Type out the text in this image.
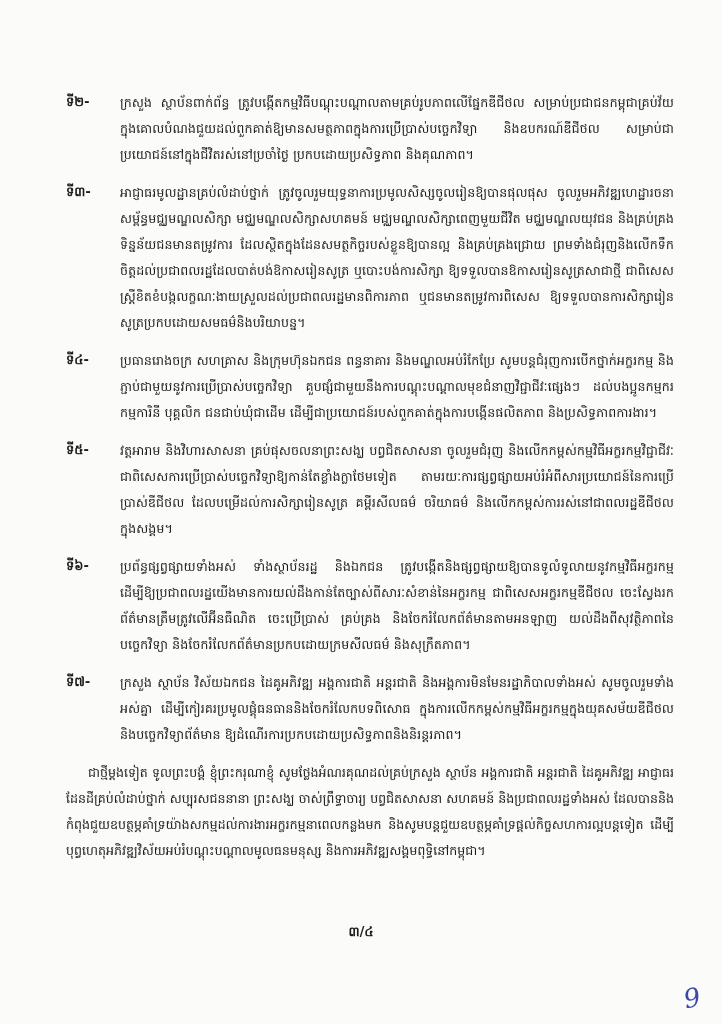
ទី២-	ក្រសួង ស្ថាប័នពាក់ព័ន្ធ ត្រូវបង្កើតកម្មវិធីបណ្តុះបណ្តាលតាមគ្រប់រូបភាពលើផ្នែកឌីជីថល សម្រាប់ប្រជាជនកម្ពុជាគ្រប់វ័យ ក្នុងគោលបំណងជួយដល់ពួកគាត់ឱ្យមានសមត្ថភាពក្នុងការប្រើប្រាស់បច្ចេកវិទ្យា និងឧបករណ៍ឌីជីថល សម្រាប់ជាប្រយោជន៍នៅក្នុងជីវិតរស់នៅប្រចាំថ្ងៃ ប្រកបដោយប្រសិទ្ធភាព និងគុណភាព។
ទី៣-	អាជ្ញាធរមូលដ្ឋានគ្រប់លំដាប់ថ្នាក់ ត្រូវចូលរួមយុទ្ធនាការប្រមូលសិស្សចូលរៀនឱ្យបានផុលផុស ចូលរួមអភិវឌ្ឍហេដ្ឋារចនាសម្ព័ន្ធមជ្ឈមណ្ឌលសិក្សា មជ្ឈមណ្ឌលសិក្សាសហគមន៍ មជ្ឈមណ្ឌលសិក្សាពេញមួយជីវិត មជ្ឈមណ្ឌលយុវជន និងគ្រប់គ្រងទិន្នន័យជនមានតម្រូវការ ដែលស្ថិតក្នុងដែនសមត្ថកិច្ចរបស់ខ្លួនឱ្យបានល្អ និងគ្រប់គ្រងជ្រោយ ព្រមទាំងជំរុញនិងលើកទឹកចិត្តដល់ប្រជាពលរដ្ឋដែលបាត់បង់ឱកាសរៀនសូត្រ ឬបោះបង់ការសិក្សា ឱ្យទទួលបានឱកាសរៀនសូត្រសាជាថ្មី ជាពិសេសស្ត្រីខិតខំបង្កលក្ខណៈងាយស្រួលដល់ប្រជាពលរដ្ឋមានពិការភាព ឬជនមានតម្រូវការពិសេស ឱ្យទទួលបានការសិក្សារៀនសូត្រប្រកបដោយសមធម៌និងបរិយាបន្ន។
ទី៤-	ប្រធានរោងចក្រ សហគ្រាស និងក្រុមហ៊ុនឯកជន ពន្ធនាគារ និងមណ្ឌលអប់រំកែប្រែ សូមបន្តជំរុញការបើកថ្នាក់អក្ខរកម្ម និងភ្ជាប់ជាមួយនូវការប្រើប្រាស់បច្ចេកវិទ្យា គួបផ្សំជាមួយនឹងការបណ្តុះបណ្តាលមុខជំនាញវិជ្ជាជីវៈផ្សេងៗ ដល់បងប្អូនកម្មករ កម្មការិនី បុគ្គលិក ជនជាប់ឃុំជាដើម ដើម្បីជាប្រយោជន៍របស់ពួកគាត់ក្នុងការបង្កើនផលិតភាព និងប្រសិទ្ធភាពការងារ។
ទី៥-	វត្តអារាម និងវិហារសាសនា គ្រប់ផុសចលនាព្រះសង្ឃ បព្វជិតសាសនា ចូលរួមជំរុញ និងលើកកម្ពស់កម្មវិធីអក្ខរកម្មវិជ្ជាជីវៈ ជាពិសេសការប្រើប្រាស់បច្ចេកវិទ្យាឱ្យកាន់តែខ្លាំងក្លាថែមទៀត តាមរយៈការផ្សព្វផ្សាយអប់រំអំពីសារប្រយោជន៍នៃការប្រើប្រាស់ឌីជីថល ដែលបម្រើដល់ការសិក្សារៀនសូត្រ គម្ពីរសីលធម៌ ចរិយាធម៌ និងលើកកម្ពស់ការរស់នៅជាពលរដ្ឋឌីជីថលក្នុងសង្គម។
ទី៦-	ប្រព័ន្ធផ្សព្វផ្សាយទាំងអស់ ទាំងស្ថាប័នរដ្ឋ និងឯកជន ត្រូវបង្កើតនិងផ្សព្វផ្សាយឱ្យបានទូលំទូលាយនូវកម្មវិធីអក្ខរកម្ម ដើម្បីឱ្យប្រជាពលរដ្ឋយើងមានការយល់ដឹងកាន់តែច្បាស់ពីសារៈសំខាន់នៃអក្ខរកម្ម ជាពិសេសអក្ខរកម្មឌីជីថល ចេះស្វែងរកព័ត៌មានត្រឹមត្រូវលើអ៊ីនធឺណិត ចេះប្រើប្រាស់ គ្រប់គ្រង និងចែករំលែកព័ត៌មានតាមអនឡាញ យល់ដឹងពីសុវត្ថិភាពនៃបច្ចេកវិទ្យា និងចែករំលែកព័ត៌មានប្រកបដោយក្រមសីលធម៌ និងសុក្រឹតភាព។
ទី៧-	ក្រសួង ស្ថាប័ន វិស័យឯកជន ដៃគូអភិវឌ្ឍ អង្គការជាតិ អន្តរជាតិ និងអង្គការមិនមែនរដ្ឋាភិបាលទាំងអស់ សូមចូលរួមទាំងអស់គ្នា ដើម្បីកៀរគរប្រមូលផ្តុំធនធាននិងចែករំលែកបទពិសោធ ក្នុងការលើកកម្ពស់កម្មវិធីអក្ខរកម្មក្នុងយុគសម័យឌីជីថលនិងបច្ចេកវិទ្យាព័ត៌មាន ឱ្យដំណើរការប្រកបដោយប្រសិទ្ធភាពនិងនិរន្តរភាព។

ជាថ្មីម្តងទៀត ទូលព្រះបង្គំ ខ្ញុំព្រះករុណាខ្ញុំ សូមថ្លែងអំណរគុណដល់គ្រប់ក្រសួង ស្ថាប័ន អង្គការជាតិ អន្តរជាតិ ដៃគូអភិវឌ្ឍ អាជ្ញាធរដែនដីគ្រប់លំដាប់ថ្នាក់ សប្បុរសជននានា ព្រះសង្ឃ ចាស់ព្រឹទ្ធាចារ្យ បព្វជិតសាសនា សហគមន៍ និងប្រជាពលរដ្ឋទាំងអស់ ដែលបាននិងកំពុងជួយឧបត្ថម្ភគាំទ្រយ៉ាងសកម្មដល់ការងារអក្ខរកម្មនាពេលកន្លងមក និងសូមបន្តជួយឧបត្ថម្ភគាំទ្រផ្តល់កិច្ចសហការល្អបន្តទៀត ដើម្បីបុព្វហេតុអភិវឌ្ឍវិស័យអប់រំបណ្តុះបណ្តាលមូលធនមនុស្ស និងការអភិវឌ្ឍសង្គមពុទ្ធិនៅកម្ពុជា។

៣/៤
9
